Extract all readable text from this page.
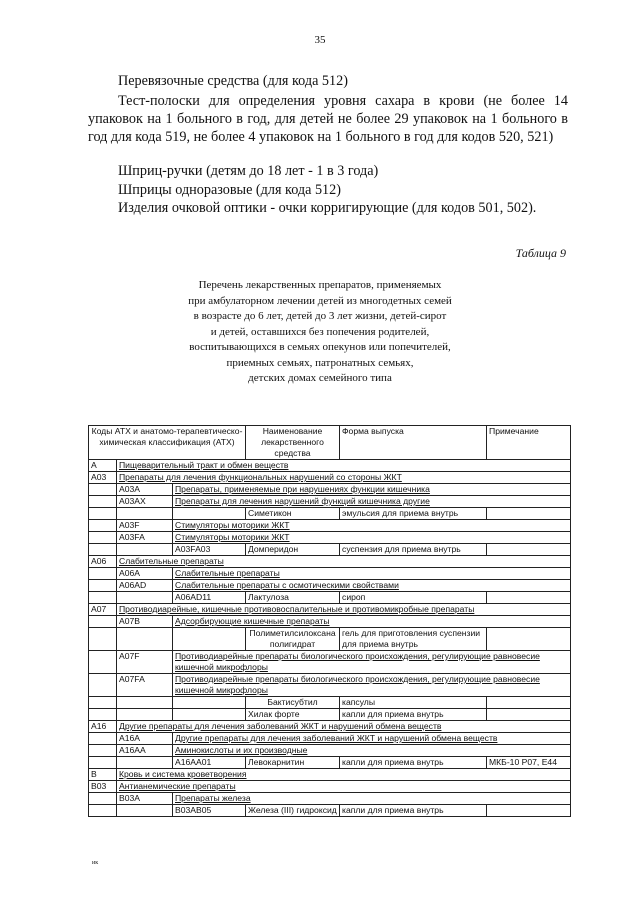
35
Перевязочные средства (для кода 512)
Тест-полоски для определения уровня сахара в крови (не более 14 упаковок на 1 больного в год, для детей не более 29 упаковок на 1 больного в год для кода 519, не более 4 упаковок на 1 больного в год для кодов 520, 521)
Шприц-ручки (детям до 18 лет - 1 в 3 года)
Шприцы одноразовые (для кода 512)
Изделия очковой оптики - очки корригирующие (для кодов 501, 502).
Таблица 9
Перечень лекарственных препаратов, применяемых
при амбулаторном лечении детей из многодетных семей
в возрасте до 6 лет, детей до 3 лет жизни, детей-сирот
и детей, оставшихся без попечения родителей,
воспитывающихся в семьях опекунов или попечителей,
приемных семьях, патронатных семьях,
детских домах семейного типа
Коды АТХ и анатомо-терапевтическо- химическая классификация (АТХ)			Наименование лекарственного средства	Форма выпуска	Примечание
A	Пищеварительный тракт и обмен веществ				
A03	Препараты для лечения функциональных нарушений со стороны ЖКТ				
	A03A	Препараты, применяемые при нарушениях функции кишечника			
	A03AX	Препараты для лечения нарушений функций кишечника другие			
			Симетикон	эмульсия для приема внутрь	
	A03F	Стимуляторы моторики ЖКТ			
	A03FA	Стимуляторы моторики ЖКТ			
		A03FA03	Домперидон	суспензия для приема внутрь	
A06	Слабительные препараты				
	A06A	Слабительные препараты			
	A06AD	Слабительные препараты с осмотическими свойствами			
		A06AD11	Лактулоза	сироп	
A07	Противодиарейные, кишечные противовоспалительные и противомикробные препараты				
	A07B	Адсорбирующие кишечные препараты			
			Полиметилсилоксана полигидрат	гель для приготовления суспензии для приема внутрь	
	A07F	Противодиарейные препараты биологического происхождения, регулирующие равновесие кишечной микрофлоры			
	A07FA	Противодиарейные препараты биологического происхождения, регулирующие равновесие кишечной микрофлоры			
			Бактисубтил	капсулы	
			Хилак форте	капли для приема внутрь	
A16	Другие препараты для лечения заболеваний ЖКТ и нарушений обмена веществ				
	A16A	Другие препараты для лечения заболеваний ЖКТ и нарушений обмена веществ			
	A16AA	Аминокислоты и их производные			
		A16AA01	Левокарнитин	капли для приема внутрь	МКБ-10 Р07, Е44
B	Кровь и система кроветворения				
B03	Антианемические препараты				
	B03A	Препараты железа			
		B03AB05	Железа (III) гидроксид	капли для приема внутрь	
ик
